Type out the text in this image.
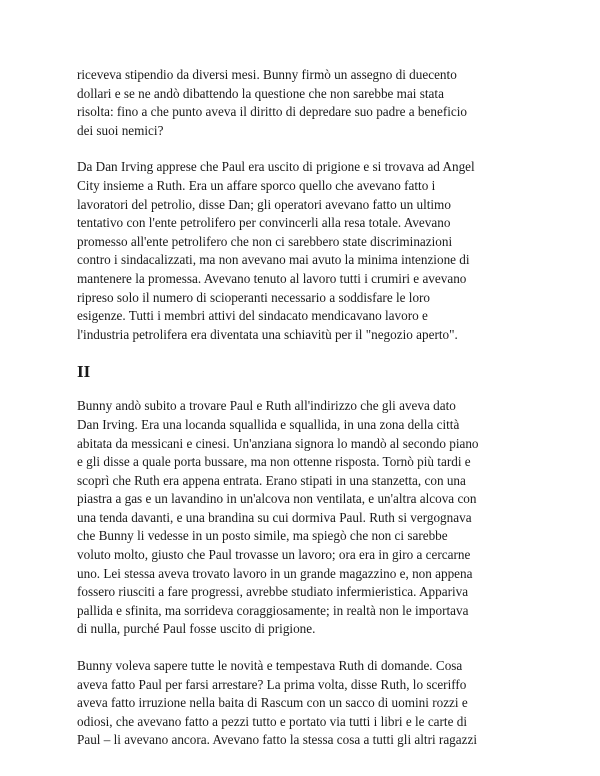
riceveva stipendio da diversi mesi. Bunny firmò un assegno di duecento
dollari e se ne andò dibattendo la questione che non sarebbe mai stata
risolta: fino a che punto aveva il diritto di depredare suo padre a beneficio
dei suoi nemici?

Da Dan Irving apprese che Paul era uscito di prigione e si trovava ad Angel
City insieme a Ruth. Era un affare sporco quello che avevano fatto i
lavoratori del petrolio, disse Dan; gli operatori avevano fatto un ultimo
tentativo con l'ente petrolifero per convincerli alla resa totale. Avevano
promesso all'ente petrolifero che non ci sarebbero state discriminazioni
contro i sindacalizzati, ma non avevano mai avuto la minima intenzione di
mantenere la promessa. Avevano tenuto al lavoro tutti i crumiri e avevano
ripreso solo il numero di scioperanti necessario a soddisfare le loro
esigenze. Tutti i membri attivi del sindacato mendicavano lavoro e
l'industria petrolifera era diventata una schiavitù per il "negozio aperto".

II

Bunny andò subito a trovare Paul e Ruth all'indirizzo che gli aveva dato
Dan Irving. Era una locanda squallida e squallida, in una zona della città
abitata da messicani e cinesi. Un'anziana signora lo mandò al secondo piano
e gli disse a quale porta bussare, ma non ottenne risposta. Tornò più tardi e
scoprì che Ruth era appena entrata. Erano stipati in una stanzetta, con una
piastra a gas e un lavandino in un'alcova non ventilata, e un'altra alcova con
una tenda davanti, e una brandina su cui dormiva Paul. Ruth si vergognava
che Bunny li vedesse in un posto simile, ma spiegò che non ci sarebbe
voluto molto, giusto che Paul trovasse un lavoro; ora era in giro a cercarne
uno. Lei stessa aveva trovato lavoro in un grande magazzino e, non appena
fossero riusciti a fare progressi, avrebbe studiato infermieristica. Appariva
pallida e sfinita, ma sorrideva coraggiosamente; in realtà non le importava
di nulla, purché Paul fosse uscito di prigione.

Bunny voleva sapere tutte le novità e tempestava Ruth di domande. Cosa
aveva fatto Paul per farsi arrestare? La prima volta, disse Ruth, lo sceriffo
aveva fatto irruzione nella baita di Rascum con un sacco di uomini rozzi e
odiosi, che avevano fatto a pezzi tutto e portato via tutti i libri e le carte di
Paul – li avevano ancora. Avevano fatto la stessa cosa a tutti gli altri ragazzi
